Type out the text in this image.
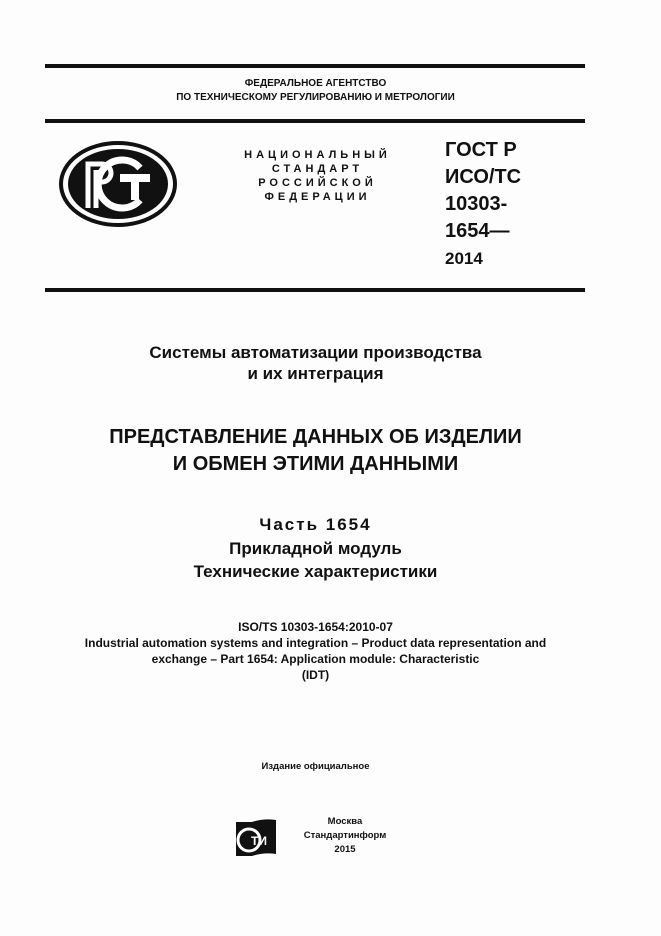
ФЕДЕРАЛЬНОЕ АГЕНТСТВО
ПО ТЕХНИЧЕСКОМУ РЕГУЛИРОВАНИЮ И МЕТРОЛОГИИ
НАЦИОНАЛЬНЫЙ
СТАНДАРТ
РОССИЙСКОЙ
ФЕДЕРАЦИИ
ГОСТ Р
ИСО/ТС
10303-
1654—
2014
Системы автоматизации производства
и их интеграция
ПРЕДСТАВЛЕНИЕ ДАННЫХ ОБ ИЗДЕЛИИ
И ОБМЕН ЭТИМИ ДАННЫМИ
Часть 1654
Прикладной модуль
Технические характеристики
ISO/TS 10303-1654:2010-07
Industrial automation systems and integration – Product data representation and
exchange – Part 1654: Application module: Characteristic
(IDT)
Издание официальное
ТИ
Москва
Стандартинформ
2015
